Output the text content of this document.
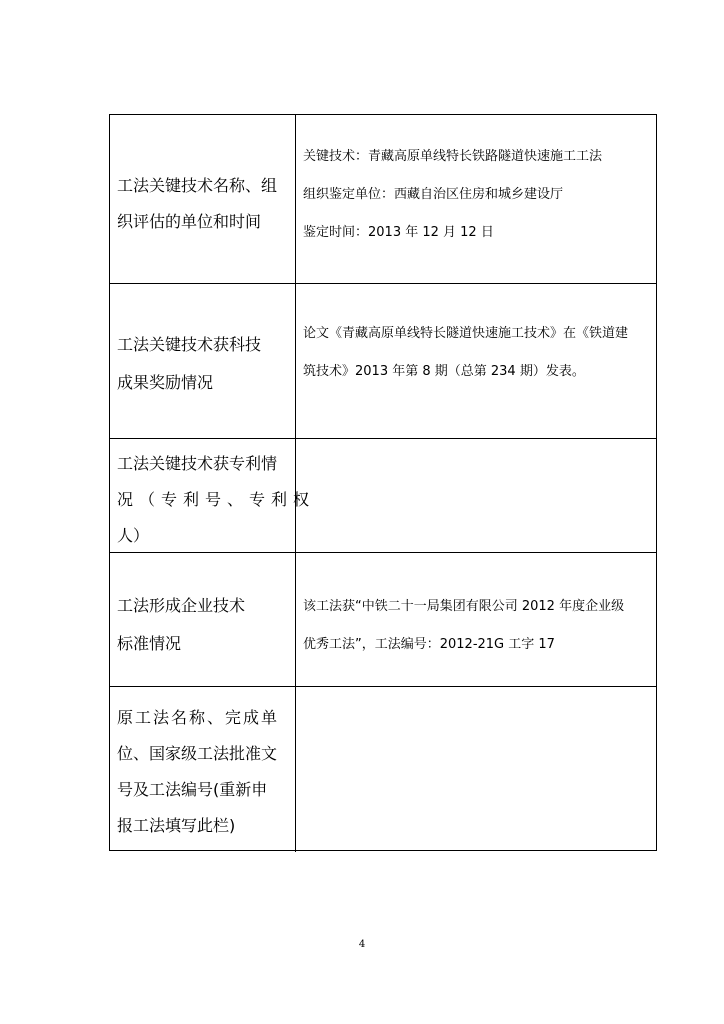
工法关键技术名称、组
织评估的单位和时间
关键技术：青藏高原单线特长铁路隧道快速施工工法
组织鉴定单位：西藏自治区住房和城乡建设厅
鉴定时间：2013 年 12 月 12 日
工法关键技术获科技
成果奖励情况
论文《青藏高原单线特长隧道快速施工技术》在《铁道建
筑技术》2013 年第 8 期（总第 234 期）发表。
工法关键技术获专利情
况（专利号、专利权
人）
工法形成企业技术
标准情况
该工法获“中铁二十一局集团有限公司 2012 年度企业级
优秀工法”，工法编号：2012-21G 工字 17
原工法名称、完成单
位、国家级工法批准文
号及工法编号(重新申
报工法填写此栏)
4
